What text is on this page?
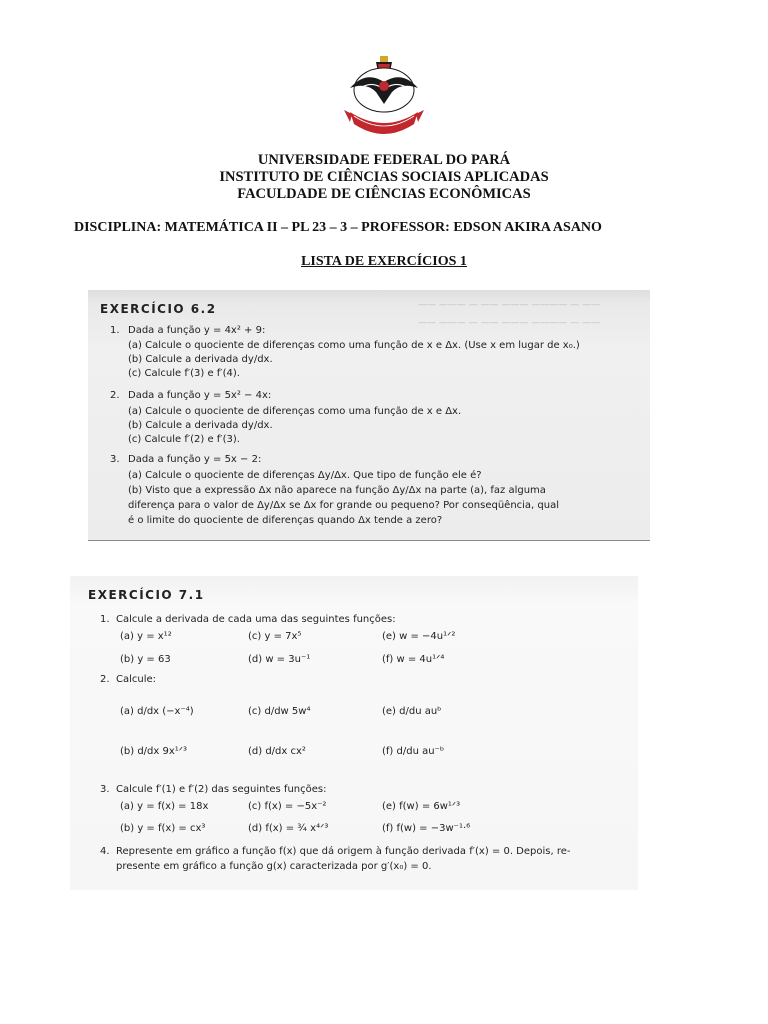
UNIVERSIDADE FEDERAL DO PARÁ
INSTITUTO DE CIÊNCIAS SOCIAIS APLICADAS
FACULDADE DE CIÊNCIAS ECONÔMICAS
DISCIPLINA: MATEMÁTICA II – PL 23 – 3 – PROFESSOR: EDSON AKIRA ASANO
LISTA DE EXERCÍCIOS 1
—— ——— — —— ——— ———— — ——
—— ——— — —— ——— ———— — ——
EXERCÍCIO 6.2
1. Dada a função y = 4x² + 9:
(a) Calcule o quociente de diferenças como uma função de x e Δx. (Use x em lugar de x₀.)
(b) Calcule a derivada dy/dx.
(c) Calcule f′(3) e f′(4).
2. Dada a função y = 5x² − 4x:
(a) Calcule o quociente de diferenças como uma função de x e Δx.
(b) Calcule a derivada dy/dx.
(c) Calcule f′(2) e f′(3).
3. Dada a função y = 5x − 2:
(a) Calcule o quociente de diferenças Δy/Δx. Que tipo de função ele é?
(b) Visto que a expressão Δx não aparece na função Δy/Δx na parte (a), faz alguma
diferença para o valor de Δy/Δx se Δx for grande ou pequeno? Por conseqüência, qual
é o limite do quociente de diferenças quando Δx tende a zero?
EXERCÍCIO 7.1
1. Calcule a derivada de cada uma das seguintes funções:
(a) y = x¹²	(c) y = 7x⁵	(e) w = −4u¹ᐟ²
(b) y = 63	(d) w = 3u⁻¹	(f) w = 4u¹ᐟ⁴
2. Calcule:
(a) d/dx (−x⁻⁴)	(c) d/dw 5w⁴	(e) d/du auᵇ
(b) d/dx 9x¹ᐟ³	(d) d/dx cx²	(f) d/du au⁻ᵇ
3. Calcule f′(1) e f′(2) das seguintes funções:
(a) y = f(x) = 18x	(c) f(x) = −5x⁻²	(e) f(w) = 6w¹ᐟ³
(b) y = f(x) = cx³	(d) f(x) = ¾ x⁴ᐟ³	(f) f(w) = −3w⁻¹·⁶
4. Represente em gráfico a função f(x) que dá origem à função derivada f′(x) = 0. Depois, re-
presente em gráfico a função g(x) caracterizada por g′(x₀) = 0.
